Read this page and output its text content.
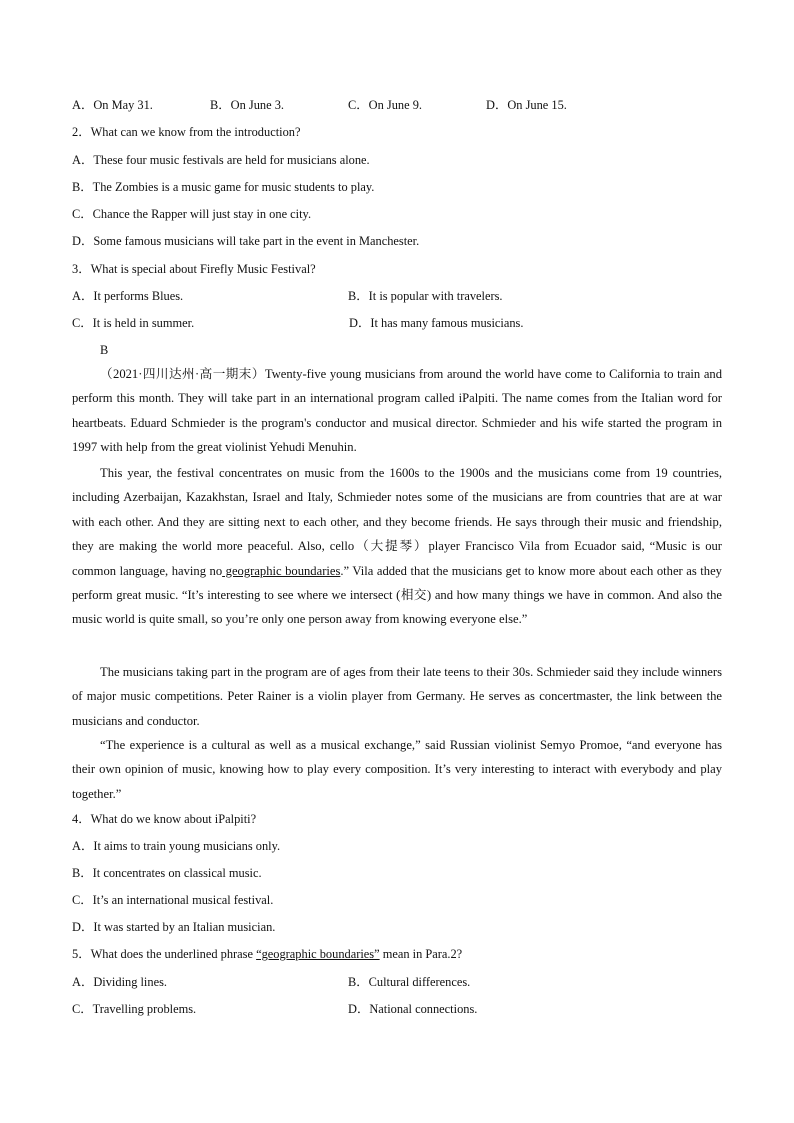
A．On May 31.	B．On June 3.	C．On June 9.	D．On June 15.
2．What can we know from the introduction?
A．These four music festivals are held for musicians alone.
B．The Zombies is a music game for music students to play.
C．Chance the Rapper will just stay in one city.
D．Some famous musicians will take part in the event in Manchester.
3．What is special about Firefly Music Festival?
A．It performs Blues.	B．It is popular with travelers.
C．It is held in summer.	D．It has many famous musicians.
B
（2021·四川达州·高一期末）Twenty-five young musicians from around the world have come to California to train and perform this month. They will take part in an international program called iPalpiti. The name comes from the Italian word for heartbeats. Eduard Schmieder is the program's conductor and musical director. Schmieder and his wife started the program in 1997 with help from the great violinist Yehudi Menuhin.
This year, the festival concentrates on music from the 1600s to the 1900s and the musicians come from 19 countries, including Azerbaijan, Kazakhstan, Israel and Italy, Schmieder notes some of the musicians are from countries that are at war with each other. And they are sitting next to each other, and they become friends. He says through their music and friendship, they are making the world more peaceful. Also, cello（大提琴）player Francisco Vila from Ecuador said, “Music is our common language, having no geographic boundaries.” Vila added that the musicians get to know more about each other as they perform great music. “It’s interesting to see where we intersect (相交) and how many things we have in common. And also the music world is quite small, so you’re only one person away from knowing everyone else.”
The musicians taking part in the program are of ages from their late teens to their 30s. Schmieder said they include winners of major music competitions. Peter Rainer is a violin player from Germany. He serves as concertmaster, the link between the musicians and conductor.
“The experience is a cultural as well as a musical exchange,” said Russian violinist Semyo Promoe, “and everyone has their own opinion of music, knowing how to play every composition. It’s very interesting to interact with everybody and play together.”
4．What do we know about iPalpiti?
A．It aims to train young musicians only.
B．It concentrates on classical music.
C．It’s an international musical festival.
D．It was started by an Italian musician.
5．What does the underlined phrase “geographic boundaries” mean in Para.2?
A．Dividing lines.	B．Cultural differences.
C．Travelling problems.	D．National connections.
